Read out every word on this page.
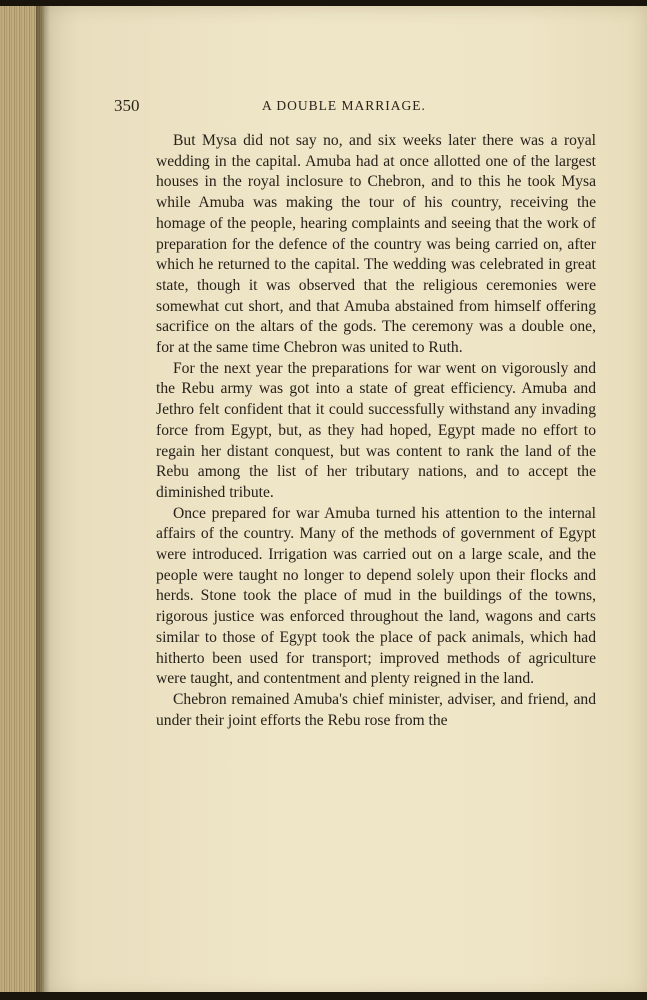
350	A DOUBLE MARRIAGE.

But Mysa did not say no, and six weeks later there was a royal wedding in the capital. Amuba had at once allotted one of the largest houses in the royal inclosure to Chebron, and to this he took Mysa while Amuba was making the tour of his country, receiving the homage of the people, hearing complaints and seeing that the work of preparation for the defence of the country was being carried on, after which he returned to the capital. The wedding was celebrated in great state, though it was observed that the religious ceremonies were somewhat cut short, and that Amuba abstained from himself offering sacrifice on the altars of the gods. The ceremony was a double one, for at the same time Chebron was united to Ruth.

For the next year the preparations for war went on vigorously and the Rebu army was got into a state of great efficiency. Amuba and Jethro felt confident that it could successfully withstand any invading force from Egypt, but, as they had hoped, Egypt made no effort to regain her distant conquest, but was content to rank the land of the Rebu among the list of her tributary nations, and to accept the diminished tribute.

Once prepared for war Amuba turned his attention to the internal affairs of the country. Many of the methods of government of Egypt were introduced. Irrigation was carried out on a large scale, and the people were taught no longer to depend solely upon their flocks and herds. Stone took the place of mud in the buildings of the towns, rigorous justice was enforced throughout the land, wagons and carts similar to those of Egypt took the place of pack animals, which had hitherto been used for transport; improved methods of agriculture were taught, and contentment and plenty reigned in the land.

Chebron remained Amuba's chief minister, adviser, and friend, and under their joint efforts the Rebu rose from the
